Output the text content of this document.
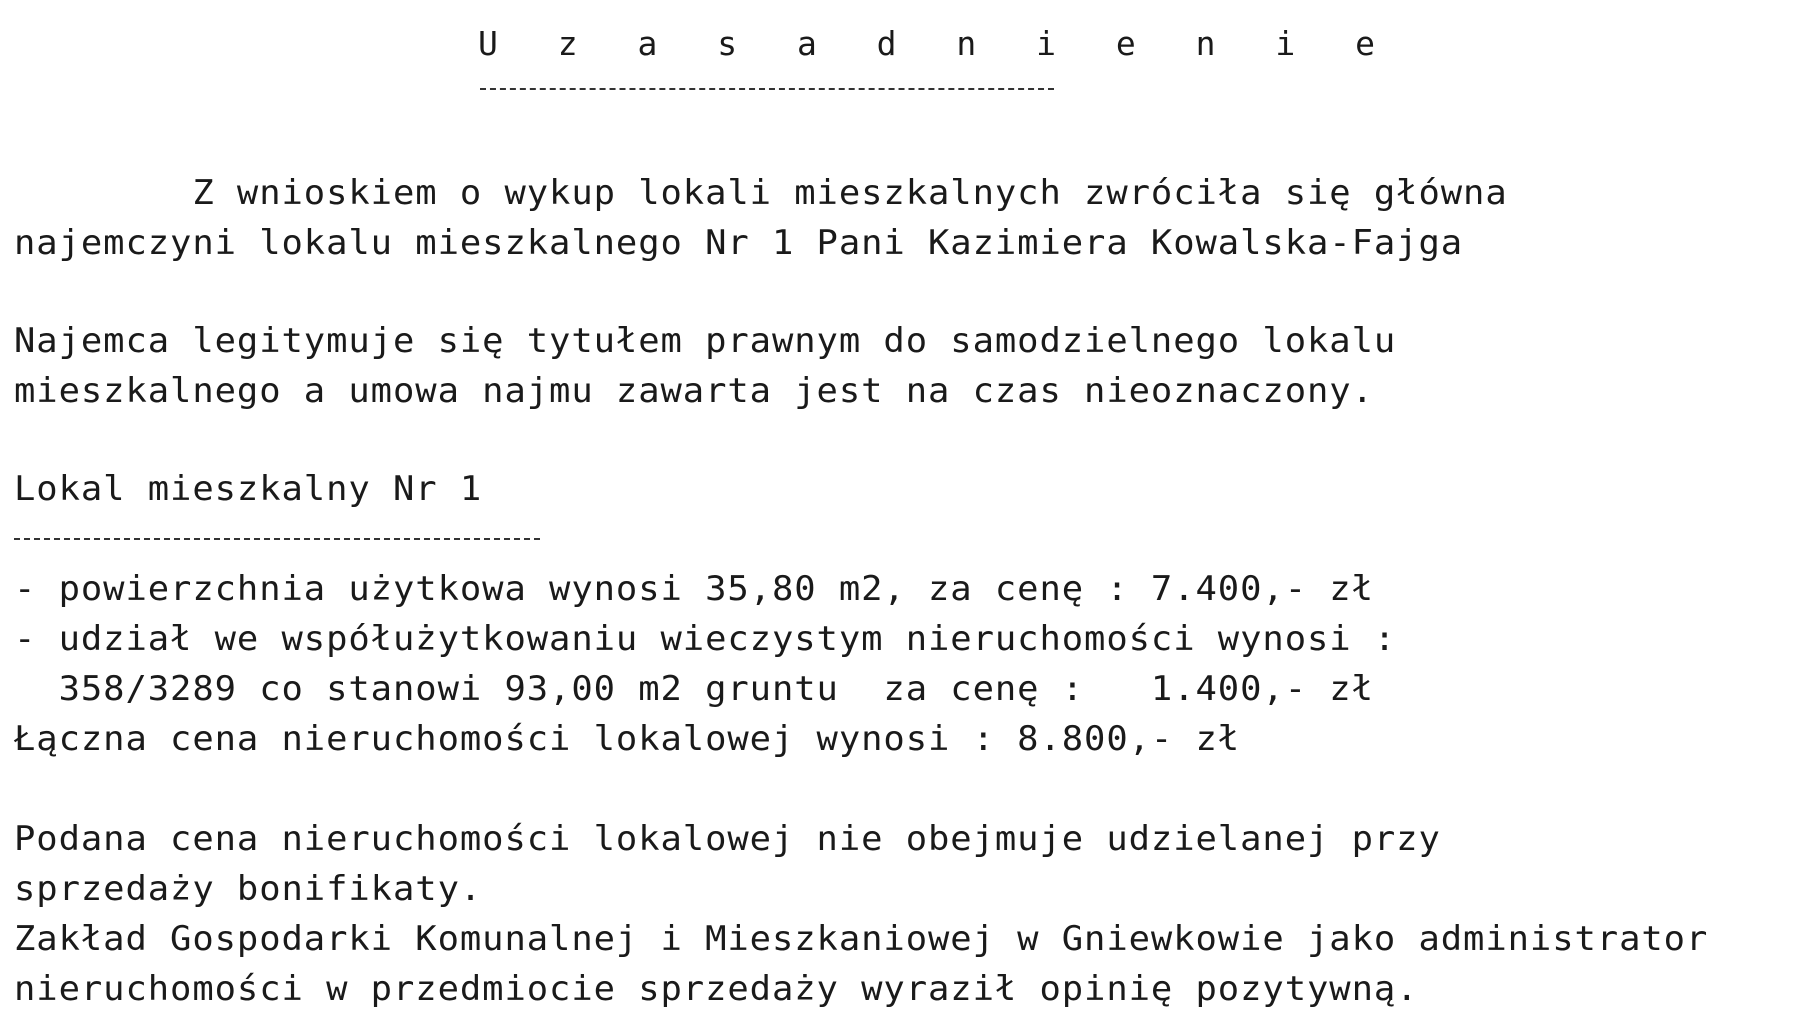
U z a s a d n i e n i e
Z wnioskiem o wykup lokali mieszkalnych zwróciła się główna
najemczyni lokalu mieszkalnego Nr 1 Pani Kazimiera Kowalska-Fajga
Najemca legitymuje się tytułem prawnym do samodzielnego lokalu
mieszkalnego a umowa najmu zawarta jest na czas nieoznaczony.
Lokal mieszkalny Nr 1
- powierzchnia użytkowa wynosi 35,80 m2, za cenę : 7.400,- zł
- udział we współużytkowaniu wieczystym nieruchomości wynosi :
358/3289 co stanowi 93,00 m2 gruntu  za cenę :   1.400,- zł
Łączna cena nieruchomości lokalowej wynosi : 8.800,- zł
Podana cena nieruchomości lokalowej nie obejmuje udzielanej przy
sprzedaży bonifikaty.
Zakład Gospodarki Komunalnej i Mieszkaniowej w Gniewkowie jako administrator
nieruchomości w przedmiocie sprzedaży wyraził opinię pozytywną.
